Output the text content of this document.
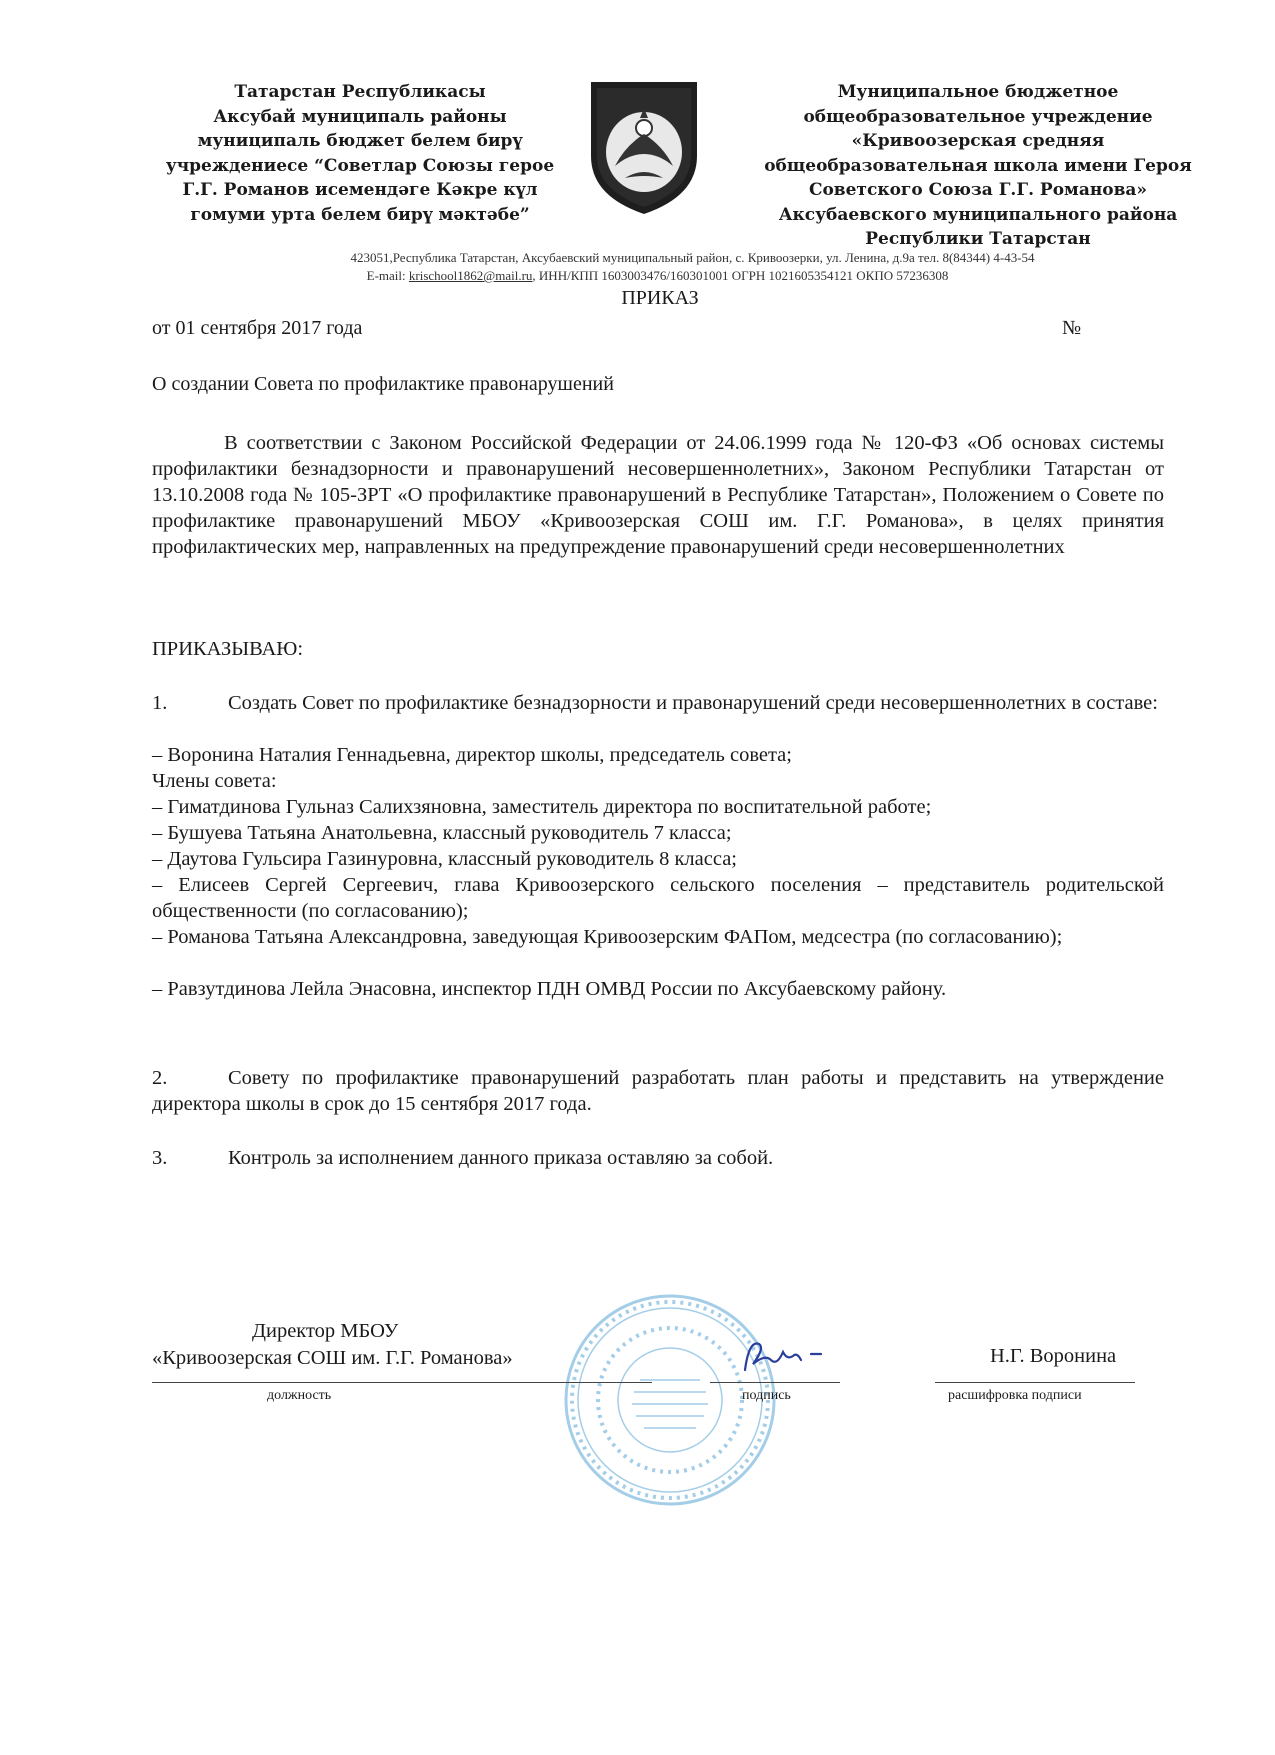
Татарстан Республикасы
Аксубай муниципаль районы
муниципаль бюджет белем бирү
учреждениесе “Советлар Союзы герое
Г.Г. Романов исемендәге Кәкре күл
гомуми урта белем бирү мәктәбе”
Муниципальное бюджетное
общеобразовательное учреждение
«Кривоозерская средняя
общеобразовательная школа имени Героя
Советского Союза Г.Г. Романова»
Аксубаевского муниципального района
Республики Татарстан
423051,Республика Татарстан, Аксубаевский муниципальный район, с. Кривоозерки, ул. Ленина, д.9а тел. 8(84344) 4-43-54
E-mail: krischool1862@mail.ru, ИНН/КПП 1603003476/160301001 ОГРН 1021605354121 ОКПО 57236308
ПРИКАЗ
от 01 сентября 2017 года	№
О создании Совета по профилактике правонарушений
В соответствии с Законом Российской Федерации от 24.06.1999 года № 120-ФЗ «Об основах системы профилактики безнадзорности и правонарушений несовершеннолетних», Законом Республики Татарстан от 13.10.2008 года № 105-ЗРТ «О профилактике правонарушений в Республике Татарстан», Положением о Совете по профилактике правонарушений МБОУ «Кривоозерская СОШ им. Г.Г. Романова», в целях принятия профилактических мер, направленных на предупреждение правонарушений среди несовершеннолетних
ПРИКАЗЫВАЮ:
1.	Создать Совет по профилактике безнадзорности и правонарушений среди несовершеннолетних в составе:
– Воронина Наталия Геннадьевна, директор школы, председатель совета;
Члены совета:
– Гиматдинова Гульназ Салихзяновна, заместитель директора по воспитательной работе;
– Бушуева Татьяна Анатольевна, классный руководитель 7 класса;
– Даутова Гульсира Газинуровна, классный руководитель 8 класса;
– Елисеев Сергей Сергеевич, глава Кривоозерского сельского поселения – представитель родительской общественности (по согласованию);
– Романова Татьяна Александровна, заведующая Кривоозерским ФАПом, медсестра (по согласованию);
– Равзутдинова Лейла Энасовна, инспектор ПДН ОМВД России по Аксубаевскому району.
2.	Совету по профилактике правонарушений разработать план работы и представить на утверждение директора школы в срок до 15 сентября 2017 года.
3.	Контроль за исполнением данного приказа оставляю за собой.
Директор МБОУ
«Кривоозерская СОШ им. Г.Г. Романова»	Н.Г. Воронина
должность	подпись	расшифровка подписи
